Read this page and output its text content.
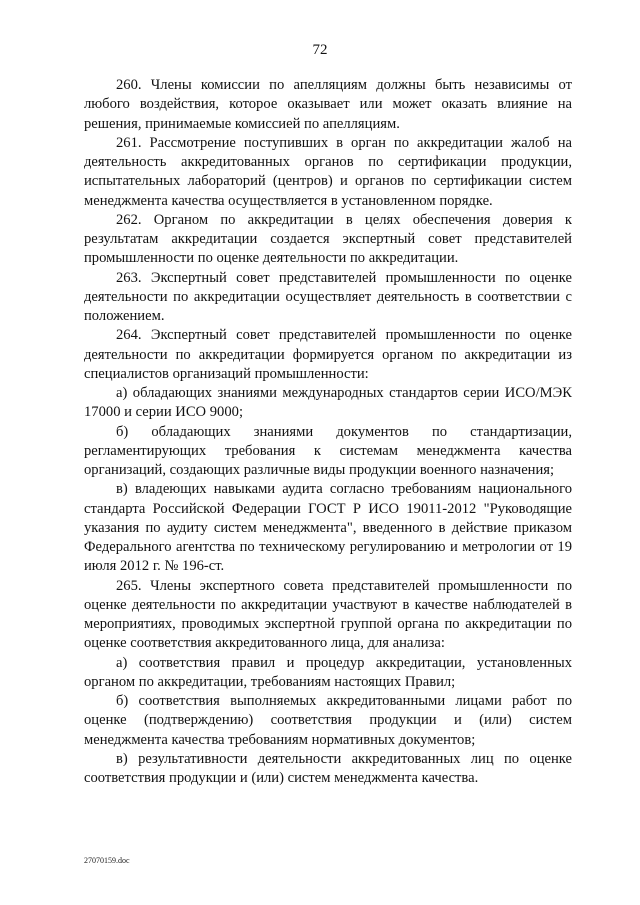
72

260. Члены комиссии по апелляциям должны быть независимы от любого воздействия, которое оказывает или может оказать влияние на решения, принимаемые комиссией по апелляциям.

261. Рассмотрение поступивших в орган по аккредитации жалоб на деятельность аккредитованных органов по сертификации продукции, испытательных лабораторий (центров) и органов по сертификации систем менеджмента качества осуществляется в установленном порядке.

262. Органом по аккредитации в целях обеспечения доверия к результатам аккредитации создается экспертный совет представителей промышленности по оценке деятельности по аккредитации.

263. Экспертный совет представителей промышленности по оценке деятельности по аккредитации осуществляет деятельность в соответствии с положением.

264. Экспертный совет представителей промышленности по оценке деятельности по аккредитации формируется органом по аккредитации из специалистов организаций промышленности:

а) обладающих знаниями международных стандартов серии ИСО/МЭК 17000 и серии ИСО 9000;

б) обладающих знаниями документов по стандартизации, регламентирующих требования к системам менеджмента качества организаций, создающих различные виды продукции военного назначения;

в) владеющих навыками аудита согласно требованиям национального стандарта Российской Федерации ГОСТ Р ИСО 19011-2012 "Руководящие указания по аудиту систем менеджмента", введенного в действие приказом Федерального агентства по техническому регулированию и метрологии от 19 июля 2012 г. № 196-ст.

265. Члены экспертного совета представителей промышленности по оценке деятельности по аккредитации участвуют в качестве наблюдателей в мероприятиях, проводимых экспертной группой органа по аккредитации по оценке соответствия аккредитованного лица, для анализа:

а) соответствия правил и процедур аккредитации, установленных органом по аккредитации, требованиям настоящих Правил;

б) соответствия выполняемых аккредитованными лицами работ по оценке (подтверждению) соответствия продукции и (или) систем менеджмента качества требованиям нормативных документов;

в) результативности деятельности аккредитованных лиц по оценке соответствия продукции и (или) систем менеджмента качества.

27070159.doc
